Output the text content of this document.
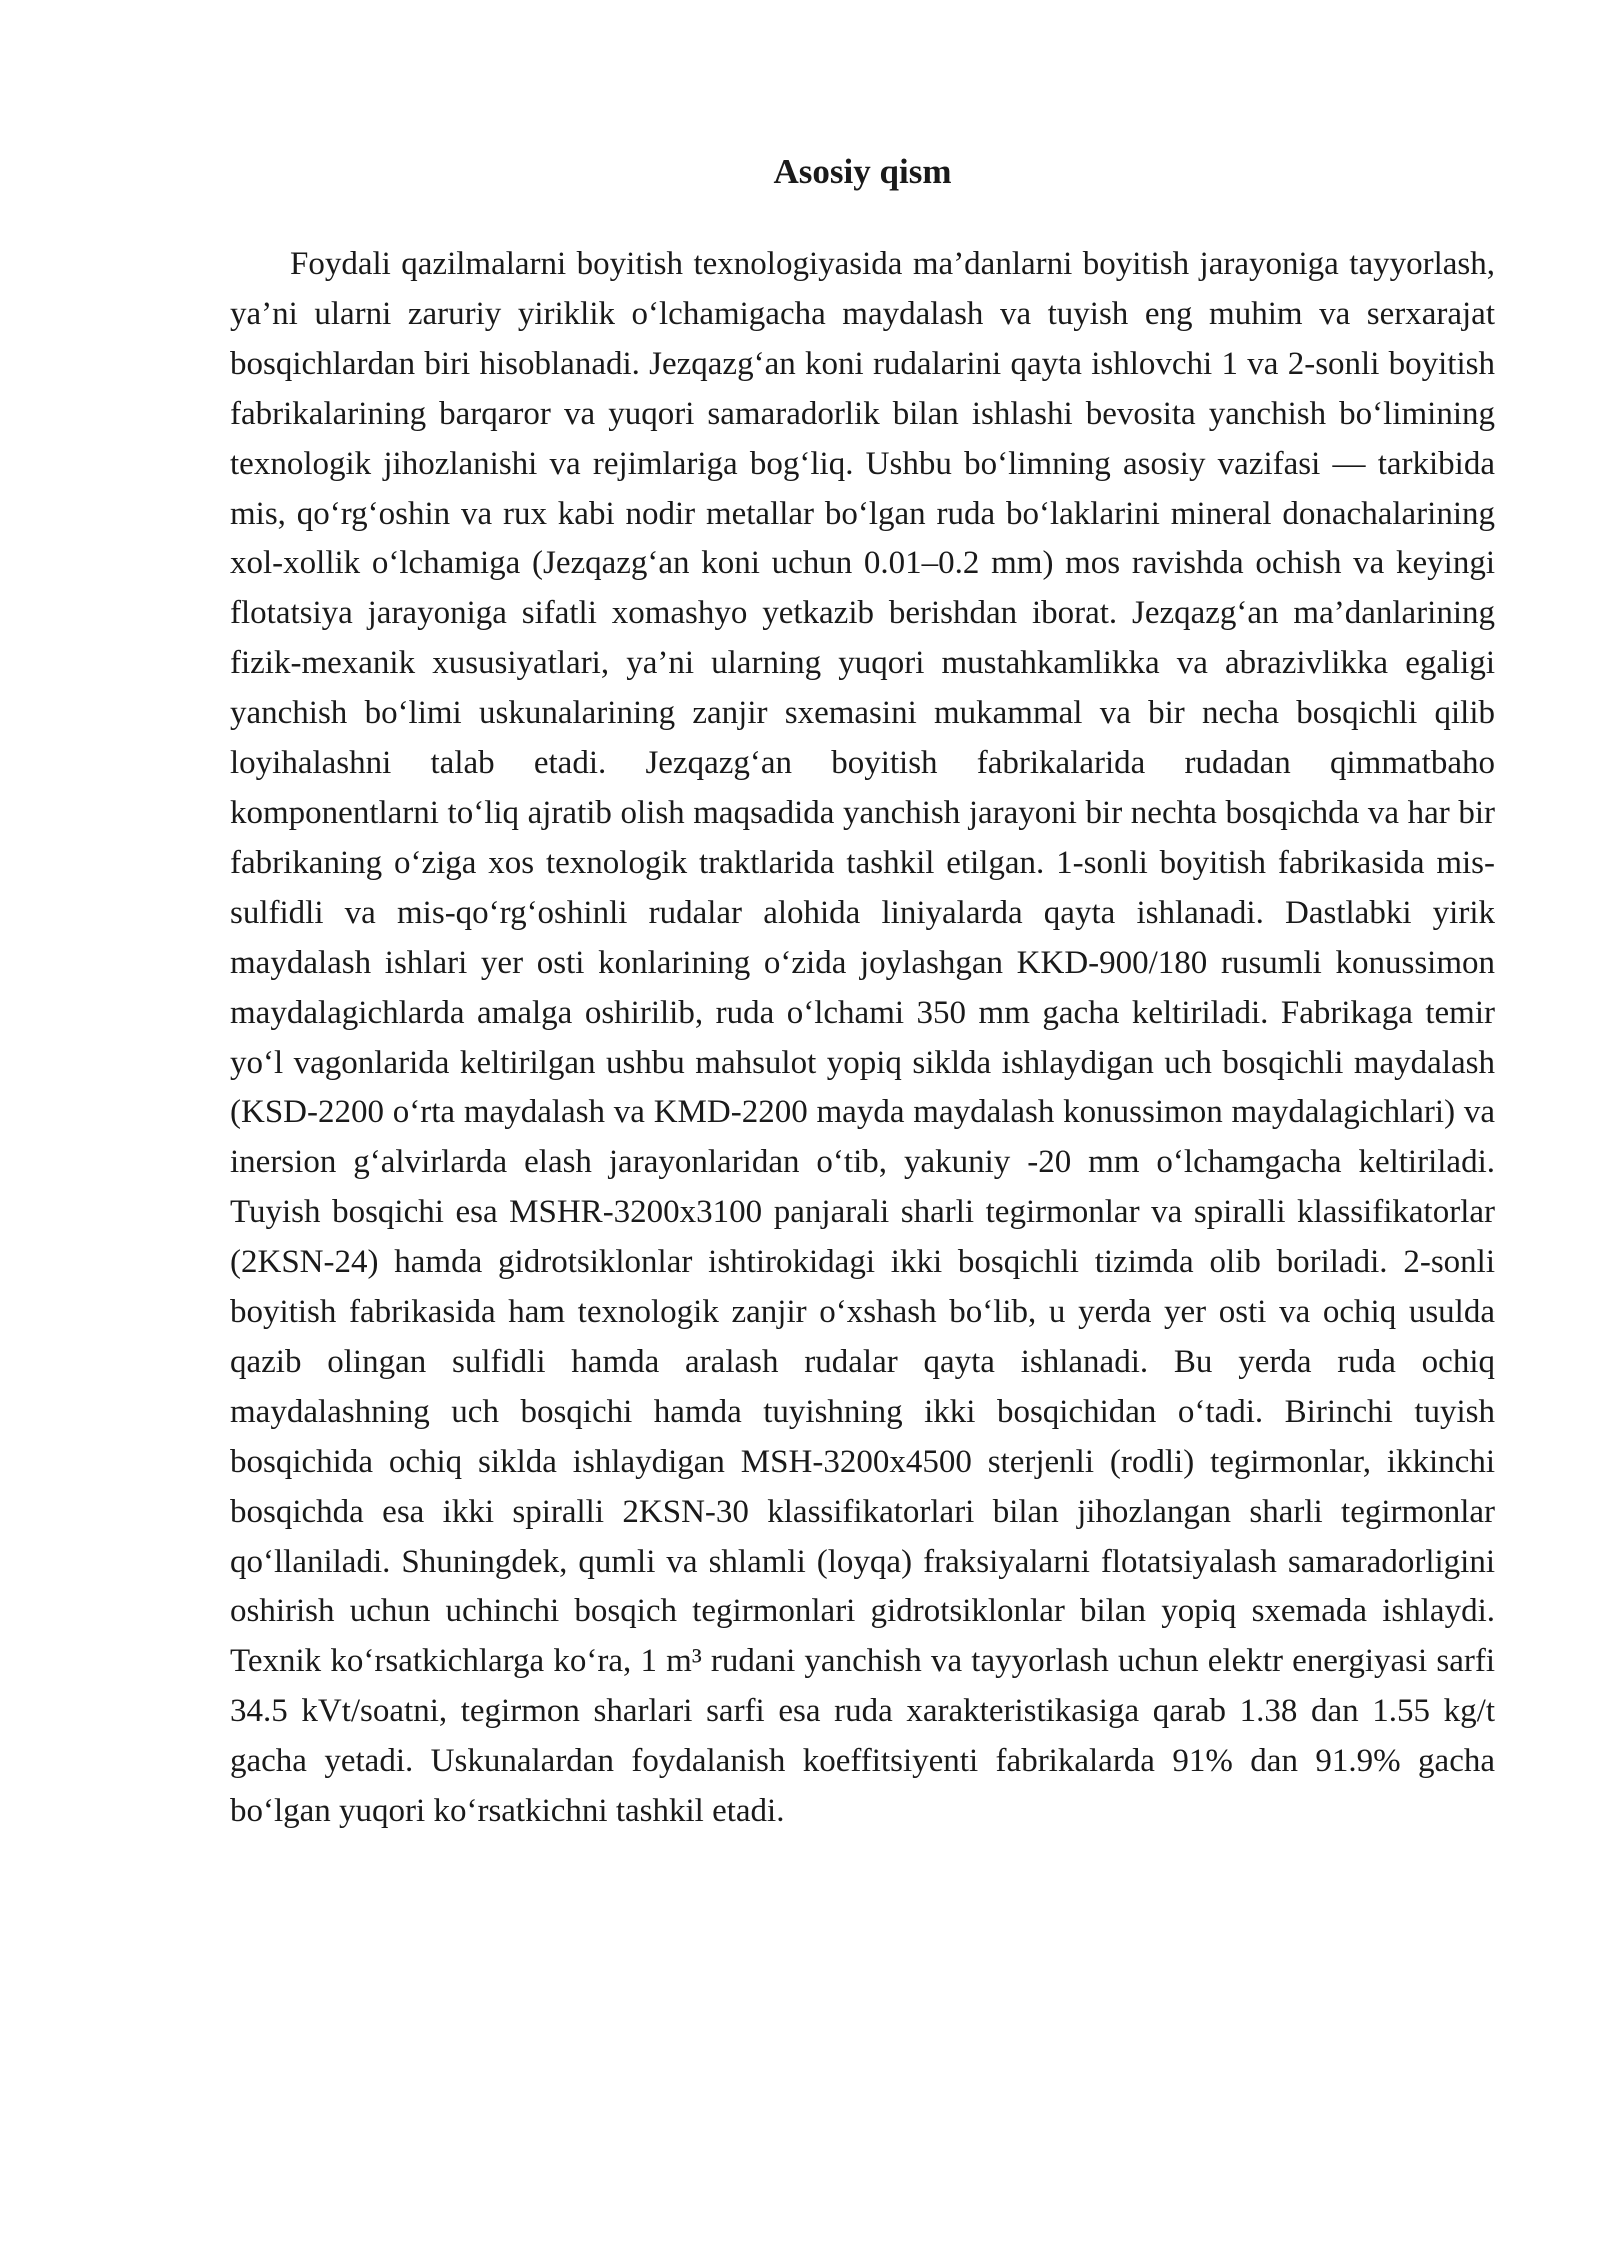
Asosiy qism

Foydali qazilmalarni boyitish texnologiyasida ma’danlarni boyitish jarayoniga tayyorlash, ya’ni ularni zaruriy yiriklik o‘lchamigacha maydalash va tuyish eng muhim va serxarajat bosqichlardan biri hisoblanadi. Jezqazg‘an koni rudalarini qayta ishlovchi 1 va 2-sonli boyitish fabrikalarining barqaror va yuqori samaradorlik bilan ishlashi bevosita yanchish bo‘limining texnologik jihozlanishi va rejimlariga bog‘liq. Ushbu bo‘limning asosiy vazifasi — tarkibida mis, qo‘rg‘oshin va rux kabi nodir metallar bo‘lgan ruda bo‘laklarini mineral donachalarining xol-xollik o‘lchamiga (Jezqazg‘an koni uchun 0.01–0.2 mm) mos ravishda ochish va keyingi flotatsiya jarayoniga sifatli xomashyo yetkazib berishdan iborat. Jezqazg‘an ma’danlarining fizik-mexanik xususiyatlari, ya’ni ularning yuqori mustahkamlikka va abrazivlikka egaligi yanchish bo‘limi uskunalarining zanjir sxemasini mukammal va bir necha bosqichli qilib loyihalashni talab etadi. Jezqazg‘an boyitish fabrikalarida rudadan qimmatbaho komponentlarni to‘liq ajratib olish maqsadida yanchish jarayoni bir nechta bosqichda va har bir fabrikaning o‘ziga xos texnologik traktlarida tashkil etilgan. 1-sonli boyitish fabrikasida mis-sulfidli va mis-qo‘rg‘oshinli rudalar alohida liniyalarda qayta ishlanadi. Dastlabki yirik maydalash ishlari yer osti konlarining o‘zida joylashgan KKD-900/180 rusumli konussimon maydalagichlarda amalga oshirilib, ruda o‘lchami 350 mm gacha keltiriladi. Fabrikaga temir yo‘l vagonlarida keltirilgan ushbu mahsulot yopiq siklda ishlaydigan uch bosqichli maydalash (KSD-2200 o‘rta maydalash va KMD-2200 mayda maydalash konussimon maydalagichlari) va inersion g‘alvirlarda elash jarayonlaridan o‘tib, yakuniy -20 mm o‘lchamgacha keltiriladi. Tuyish bosqichi esa MSHR-3200x3100 panjarali sharli tegirmonlar va spiralli klassifikatorlar (2KSN-24) hamda gidrotsiklonlar ishtirokidagi ikki bosqichli tizimda olib boriladi. 2-sonli boyitish fabrikasida ham texnologik zanjir o‘xshash bo‘lib, u yerda yer osti va ochiq usulda qazib olingan sulfidli hamda aralash rudalar qayta ishlanadi. Bu yerda ruda ochiq maydalashning uch bosqichi hamda tuyishning ikki bosqichidan o‘tadi. Birinchi tuyish bosqichida ochiq siklda ishlaydigan MSH-3200x4500 sterjenli (rodli) tegirmonlar, ikkinchi bosqichda esa ikki spiralli 2KSN-30 klassifikatorlari bilan jihozlangan sharli tegirmonlar qo‘llaniladi. Shuningdek, qumli va shlamli (loyqa) fraksiyalarni flotatsiyalash samaradorligini oshirish uchun uchinchi bosqich tegirmonlari gidrotsiklonlar bilan yopiq sxemada ishlaydi. Texnik ko‘rsatkichlarga ko‘ra, 1 m³ rudani yanchish va tayyorlash uchun elektr energiyasi sarfi 34.5 kVt/soatni, tegirmon sharlari sarfi esa ruda xarakteristikasiga qarab 1.38 dan 1.55 kg/t gacha yetadi. Uskunalardan foydalanish koeffitsiyenti fabrikalarda 91% dan 91.9% gacha bo‘lgan yuqori ko‘rsatkichni tashkil etadi.
